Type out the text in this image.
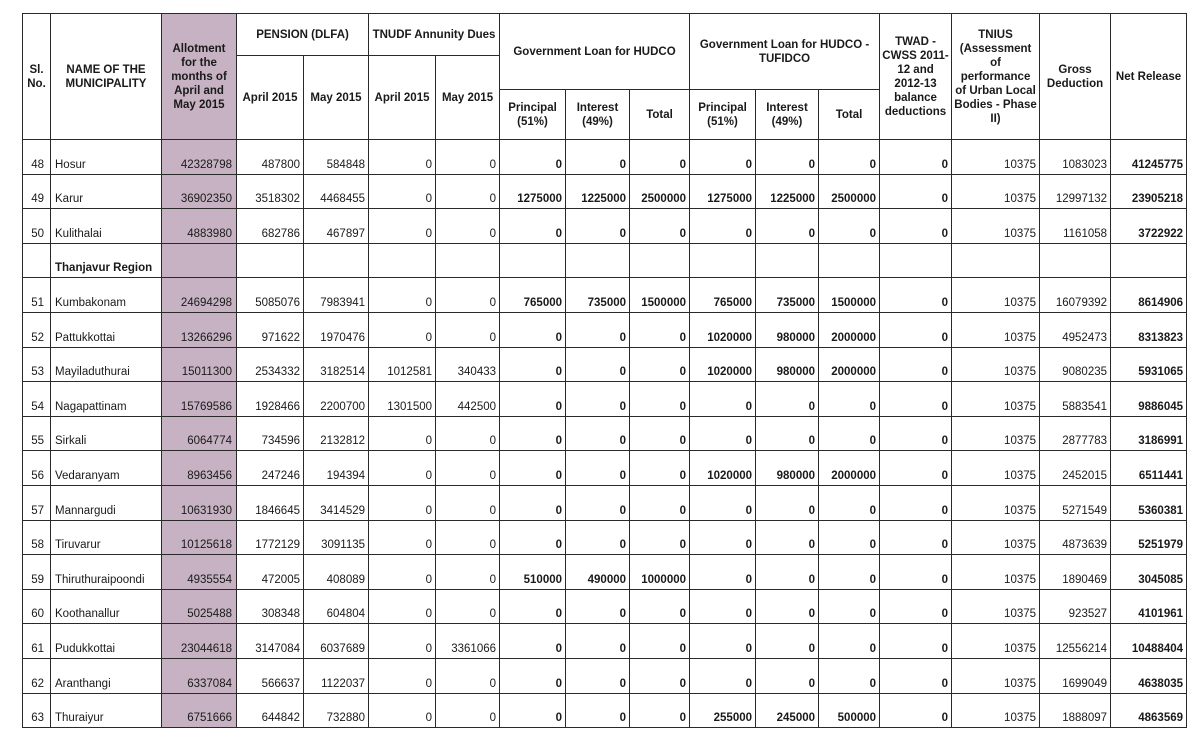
Sl. No.	NAME OF THE MUNICIPALITY	Allotment for the months of April and May 2015	PENSION (DLFA)		TNUDF Annunity Dues		Government Loan for HUDCO			Government Loan for HUDCO - TUFIDCO			TWAD - CWSS 2011-12 and 2012-13 balance deductions	TNIUS (Assessment of performance of Urban Local Bodies - Phase II)	Gross Deduction	Net Release
			April 2015	May 2015	April 2015	May 2015										
							Principal (51%)	Interest (49%)	Total	Principal (51%)	Interest (49%)	Total				
48	Hosur	42328798	487800	584848	0	0	0	0	0	0	0	0	0	10375	1083023	41245775
49	Karur	36902350	3518302	4468455	0	0	1275000	1225000	2500000	1275000	1225000	2500000	0	10375	12997132	23905218
50	Kulithalai	4883980	682786	467897	0	0	0	0	0	0	0	0	0	10375	1161058	3722922
	Thanjavur Region															
51	Kumbakonam	24694298	5085076	7983941	0	0	765000	735000	1500000	765000	735000	1500000	0	10375	16079392	8614906
52	Pattukkottai	13266296	971622	1970476	0	0	0	0	0	1020000	980000	2000000	0	10375	4952473	8313823
53	Mayiladuthurai	15011300	2534332	3182514	1012581	340433	0	0	0	1020000	980000	2000000	0	10375	9080235	5931065
54	Nagapattinam	15769586	1928466	2200700	1301500	442500	0	0	0	0	0	0	0	10375	5883541	9886045
55	Sirkali	6064774	734596	2132812	0	0	0	0	0	0	0	0	0	10375	2877783	3186991
56	Vedaranyam	8963456	247246	194394	0	0	0	0	0	1020000	980000	2000000	0	10375	2452015	6511441
57	Mannargudi	10631930	1846645	3414529	0	0	0	0	0	0	0	0	0	10375	5271549	5360381
58	Tiruvarur	10125618	1772129	3091135	0	0	0	0	0	0	0	0	0	10375	4873639	5251979
59	Thiruthuraipoondi	4935554	472005	408089	0	0	510000	490000	1000000	0	0	0	0	10375	1890469	3045085
60	Koothanallur	5025488	308348	604804	0	0	0	0	0	0	0	0	0	10375	923527	4101961
61	Pudukkottai	23044618	3147084	6037689	0	3361066	0	0	0	0	0	0	0	10375	12556214	10488404
62	Aranthangi	6337084	566637	1122037	0	0	0	0	0	0	0	0	0	10375	1699049	4638035
63	Thuraiyur	6751666	644842	732880	0	0	0	0	0	255000	245000	500000	0	10375	1888097	4863569
